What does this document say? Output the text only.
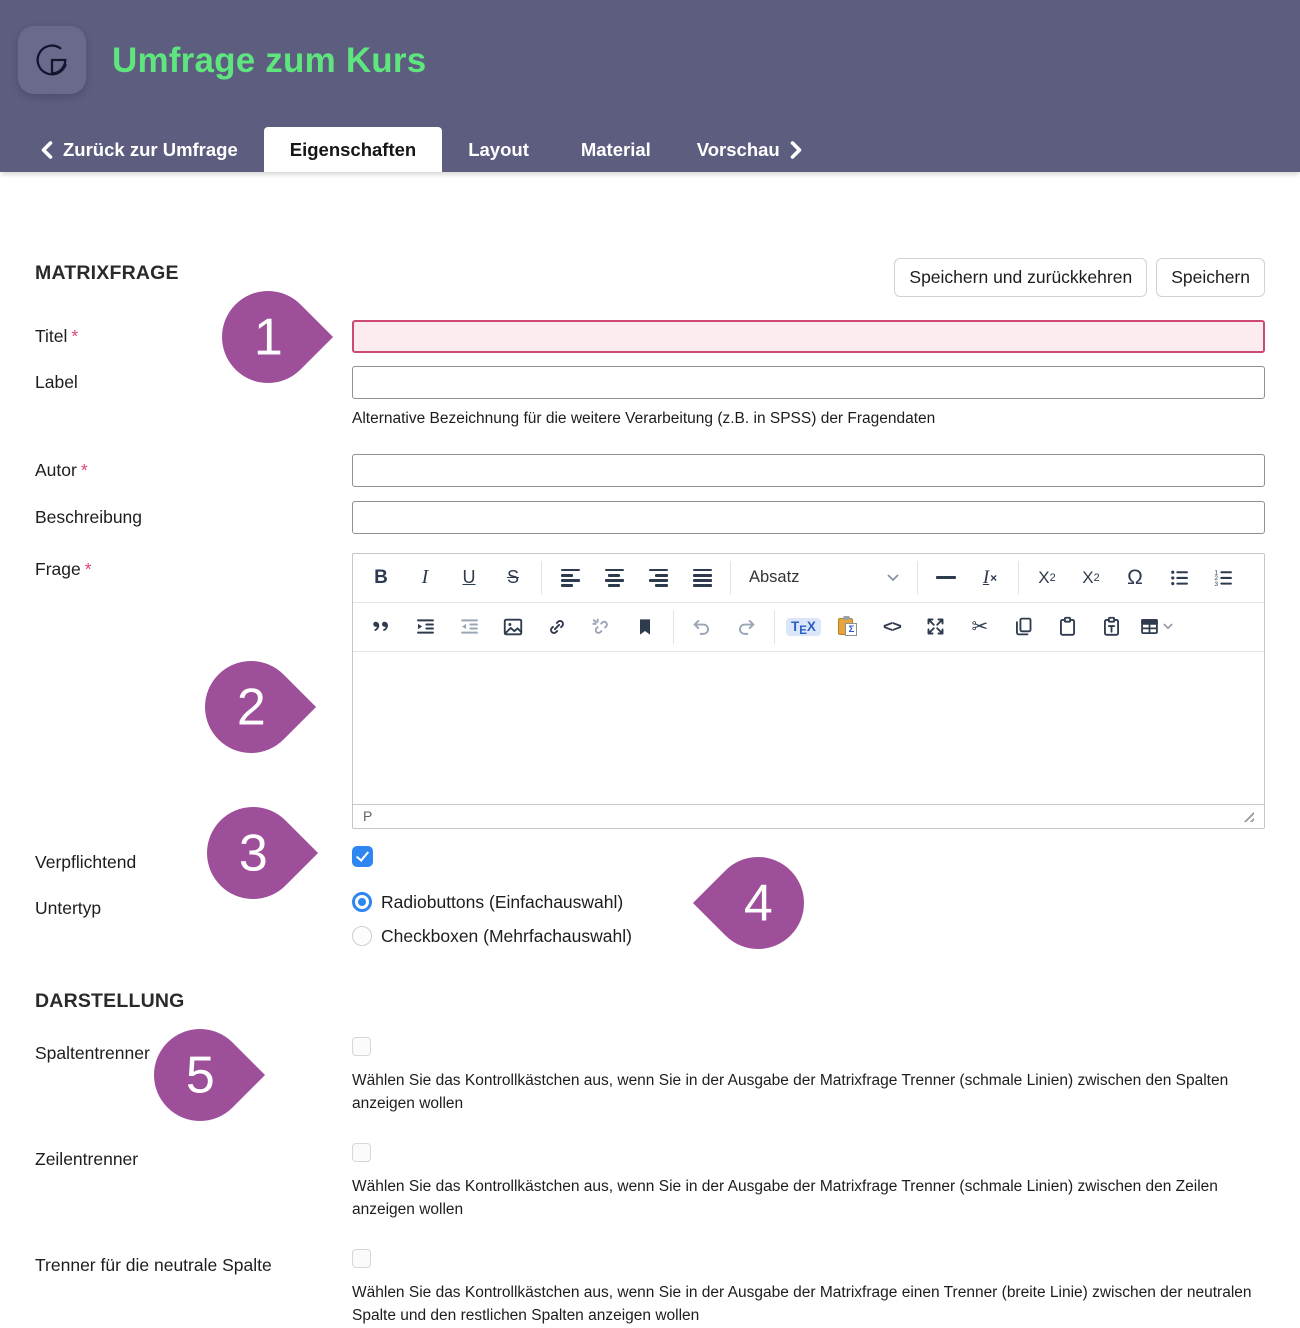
Umfrage zum Kurs
Zurück zur Umfrage	Eigenschaften	Layout	Material Vorschau
MATRIXFRAGE	Speichern und zurückkehren	Speichern
Titel *
Label
Alternative Bezeichnung für die weitere Verarbeitung (z.B. in SPSS) der Fragendaten
Autor *
Beschreibung
Frage *	B	I	U	S	Absatz	I × X 2 X 2	Ω	1
2
3
TEX	Σ	<>	✂
P
Verpflichtend
Untertyp	Radiobuttons (Einfachauswahl)
Checkboxen (Mehrfachauswahl)
DARSTELLUNG
Spaltentrenner
Wählen Sie das Kontrollkästchen aus, wenn Sie in der Ausgabe der Matrixfrage Trenner (schmale Linien) zwischen den Spalten anzeigen wollen
Zeilentrenner
Wählen Sie das Kontrollkästchen aus, wenn Sie in der Ausgabe der Matrixfrage Trenner (schmale Linien) zwischen den Zeilen anzeigen wollen
Trenner für die neutrale Spalte
Wählen Sie das Kontrollkästchen aus, wenn Sie in der Ausgabe der Matrixfrage einen Trenner (breite Linie) zwischen der neutralen Spalte und den restlichen Spalten anzeigen wollen
1
2
3
4
5
